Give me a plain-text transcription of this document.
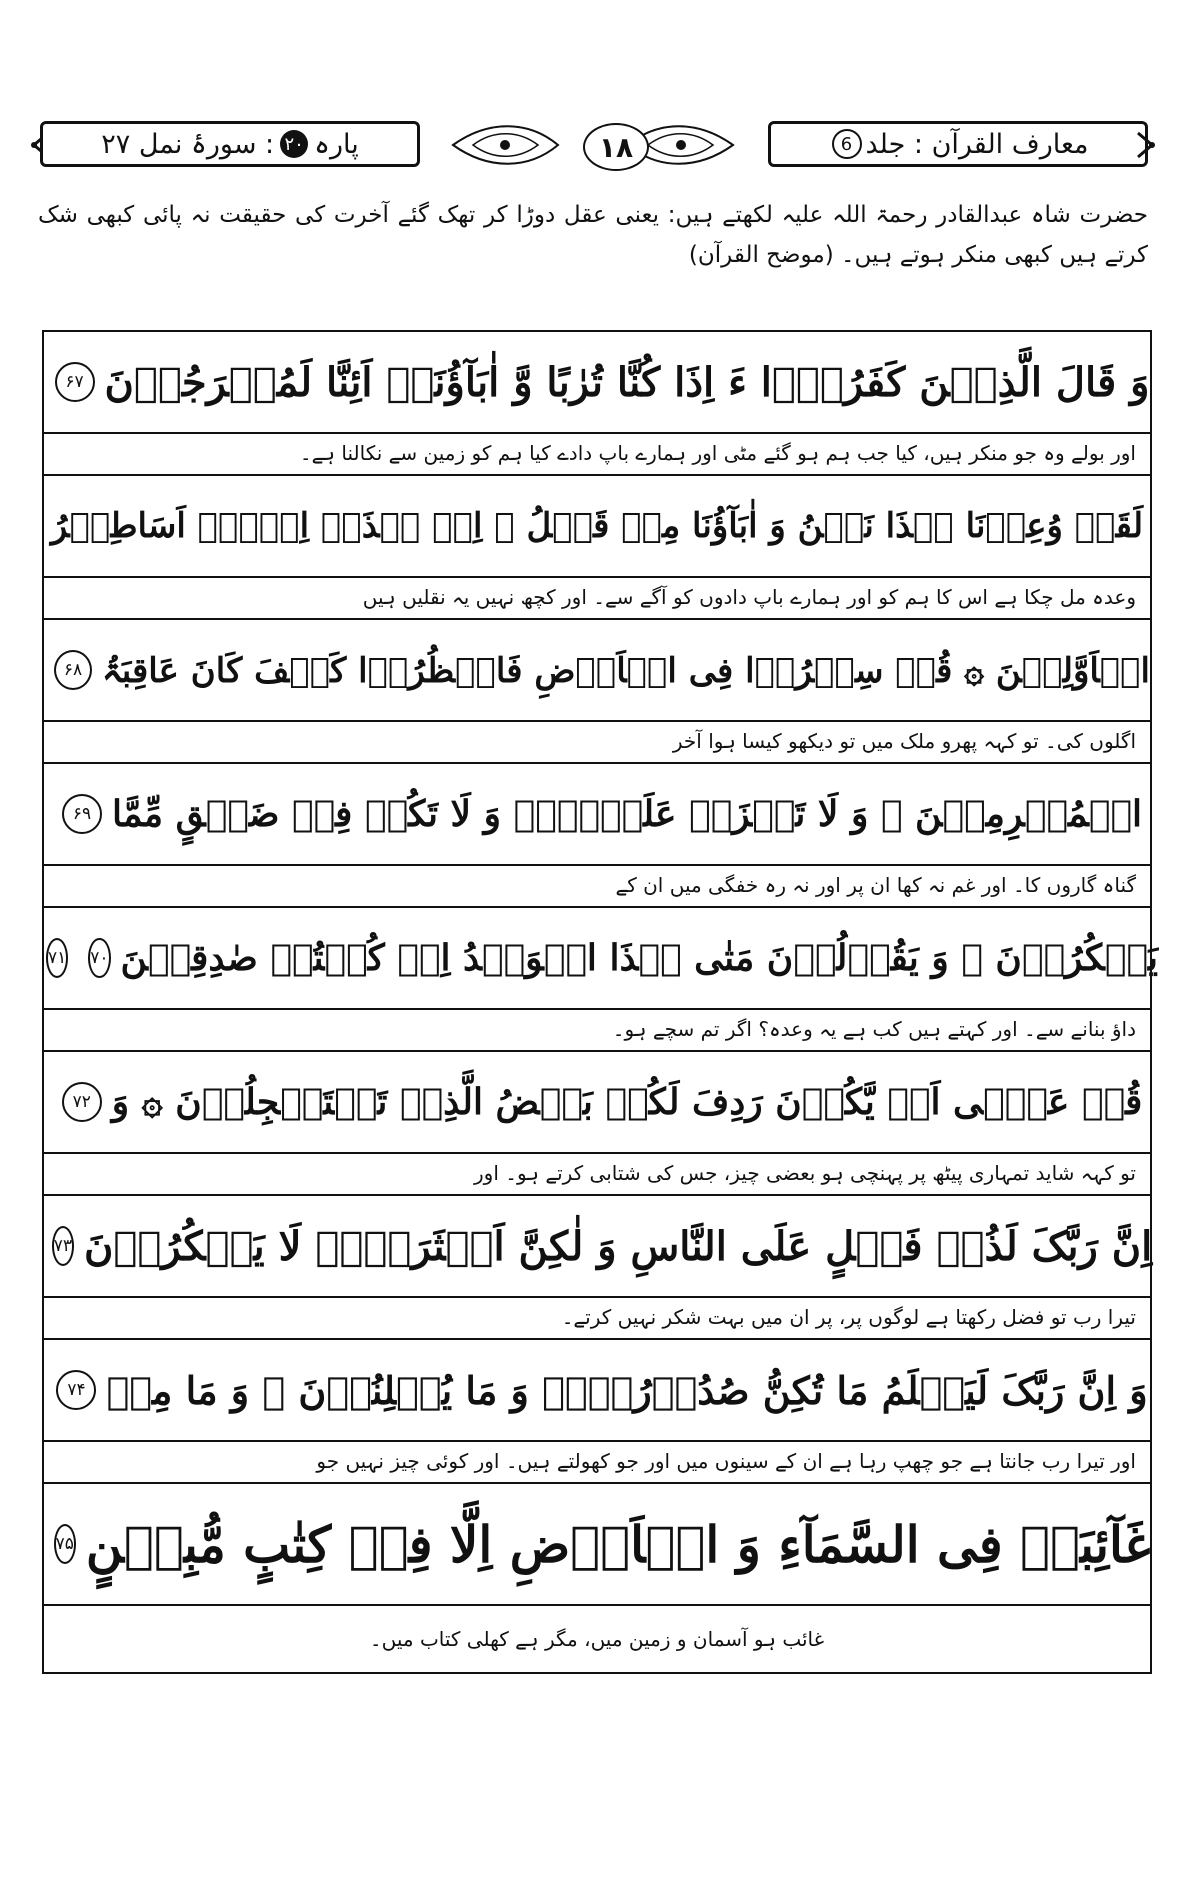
پارہ
۲۰
: سورۂ نمل ۲۷	۱۸	معارف القرآن : جلد
6
حضرت شاہ عبدالقادر رحمۃ اللہ علیہ لکھتے ہیں: یعنی عقل دوڑا کر تھک گئے آخرت کی حقیقت نہ پائی کبھی شک کرتے ہیں کبھی منکر ہوتے ہیں۔ (موضح القرآن)
وَ قَالَ الَّذِیۡنَ کَفَرُوۡۤا ءَ اِذَا کُنَّا تُرٰبًا وَّ اٰبَآؤُنَاۤ اَئِنَّا لَمُخۡرَجُوۡنَ
۶۷
اور بولے وہ جو منکر ہیں، کیا جب ہم ہو گئے مٹی اور ہمارے باپ دادے کیا ہم کو زمین سے نکالنا ہے۔
لَقَدۡ وُعِدۡنَا ہٰذَا نَحۡنُ وَ اٰبَآؤُنَا مِنۡ قَبۡلُ ۙ اِنۡ ہٰذَاۤ اِلَّاۤ اَسَاطِیۡرُ
وعدہ مل چکا ہے اس کا ہم کو اور ہمارے باپ دادوں کو آگے سے۔ اور کچھ نہیں یہ نقلیں ہیں
الۡاَوَّلِیۡنَ ۞ قُلۡ سِیۡرُوۡا فِی الۡاَرۡضِ فَانۡظُرُوۡا کَیۡفَ کَانَ عَاقِبَۃُ
۶۸
اگلوں کی۔ تو کہہ پھرو ملک میں تو دیکھو کیسا ہوا آخر
الۡمُجۡرِمِیۡنَ ۞ وَ لَا تَحۡزَنۡ عَلَیۡہِمۡ وَ لَا تَکُنۡ فِیۡ ضَیۡقٍ مِّمَّا
۶۹
گناہ گاروں کا۔ اور غم نہ کھا ان پر اور نہ رہ خفگی میں ان کے
یَمۡکُرُوۡنَ ۞ وَ یَقُوۡلُوۡنَ مَتٰی ہٰذَا الۡوَعۡدُ اِنۡ کُنۡتُمۡ صٰدِقِیۡنَ
۷۰
۷۱
داؤ بنانے سے۔ اور کہتے ہیں کب ہے یہ وعدہ؟ اگر تم سچے ہو۔
قُلۡ عَسٰۤی اَنۡ یَّکُوۡنَ رَدِفَ لَکُمۡ بَعۡضُ الَّذِیۡ تَسۡتَعۡجِلُوۡنَ ۞ وَ
۷۲
تو کہہ شاید تمہاری پیٹھ پر پہنچی ہو بعضی چیز، جس کی شتابی کرتے ہو۔ اور
اِنَّ رَبَّکَ لَذُوۡ فَضۡلٍ عَلَی النَّاسِ وَ لٰکِنَّ اَکۡثَرَہُمۡ لَا یَشۡکُرُوۡنَ
۷۳
تیرا رب تو فضل رکھتا ہے لوگوں پر، پر ان میں بہت شکر نہیں کرتے۔
وَ اِنَّ رَبَّکَ لَیَعۡلَمُ مَا تُکِنُّ صُدُوۡرُہُمۡ وَ مَا یُعۡلِنُوۡنَ ۞ وَ مَا مِنۡ
۷۴
اور تیرا رب جانتا ہے جو چھپ رہا ہے ان کے سینوں میں اور جو کھولتے ہیں۔ اور کوئی چیز نہیں جو
غَآئِبَۃٍ فِی السَّمَآءِ وَ الۡاَرۡضِ اِلَّا فِیۡ کِتٰبٍ مُّبِیۡنٍ
۷۵
غائب ہو آسمان و زمین میں، مگر ہے کھلی کتاب میں۔
